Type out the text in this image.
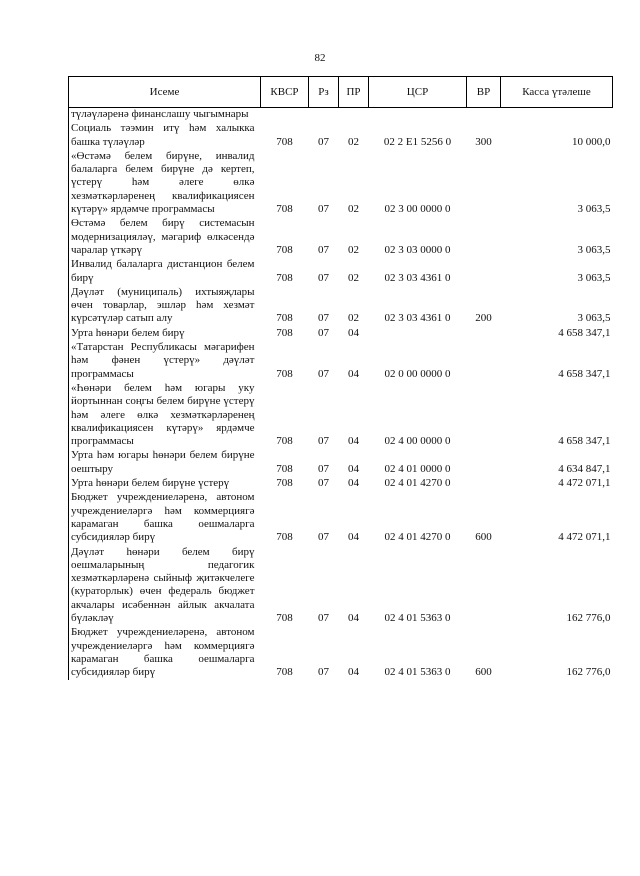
82
Исеме	КВСР	Рз	ПР	ЦСР	ВР	Касса үтәлеше
түләүләренә финанслашу чыгымнары						
Социаль тәэмин итү һәм халыкка башка түләүләр	708	07	02	02 2 Е1 5256 0	300	10 000,0
«Өстәмә белем бирүне, инвалид балаларга белем бирүне дә кертеп, үстерү һәм әлеге өлкә хезмәткәрләренең квалификациясен күтәрү» ярдәмче программасы	708	07	02	02 3 00 0000 0		3 063,5
Өстәмә белем бирү системасын модернизацияләү, мәгариф өлкәсендә чаралар үткәрү	708	07	02	02 3 03 0000 0		3 063,5
Инвалид балаларга дистанцион белем бирү	708	07	02	02 3 03 4361 0		3 063,5
Дәүләт (муниципаль) ихтыяҗлары өчен товарлар, эшләр һәм хезмәт күрсәтүләр сатып алу	708	07	02	02 3 03 4361 0	200	3 063,5
Урта һөнәри белем бирү	708	07	04			4 658 347,1
«Татарстан Республикасы мәгарифен һәм фәнен үстерү» дәүләт программасы	708	07	04	02 0 00 0000 0		4 658 347,1
«Һөнәри белем һәм югары уку йортыннан соңгы белем бирүне үстерү һәм әлеге өлкә хезмәткәрләренең квалификациясен күтәрү» ярдәмче программасы	708	07	04	02 4 00 0000 0		4 658 347,1
Урта һәм югары һөнәри белем бирүне оештыру	708	07	04	02 4 01 0000 0		4 634 847,1
Урта һөнәри белем бирүне үстерү	708	07	04	02 4 01 4270 0		4 472 071,1
Бюджет учреждениеләренә, автоном учреждениеләргә һәм коммерциягә карамаган башка оешмаларга субсидияләр бирү	708	07	04	02 4 01 4270 0	600	4 472 071,1
Дәүләт һөнәри белем бирү оешмаларының педагогик хезмәткәрләренә сыйныф җитәкчелеге (кураторлык) өчен федераль бюджет акчалары исәбеннән айлык акчалата бүләкләү	708	07	04	02 4 01 5363 0		162 776,0
Бюджет учреждениеләренә, автоном учреждениеләргә һәм коммерциягә карамаган башка оешмаларга субсидияләр бирү	708	07	04	02 4 01 5363 0	600	162 776,0
